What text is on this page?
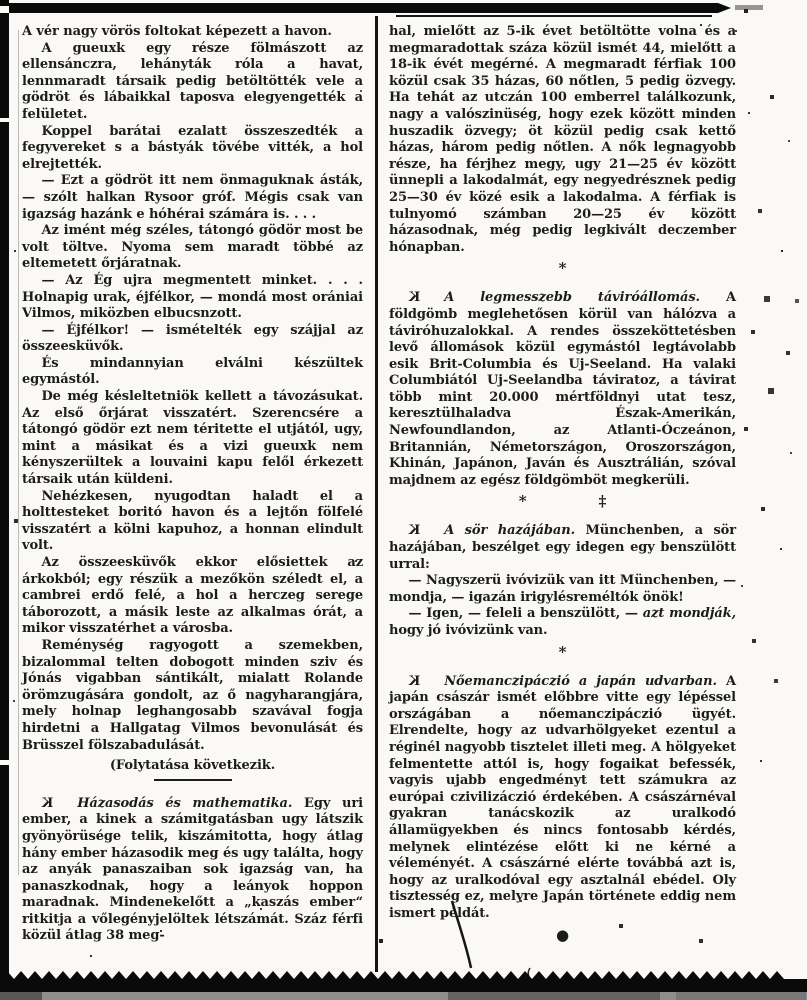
A vér nagy vörös foltokat képezett a havon.

A gueuxk egy része fölmászott az ellensánczra, lehányták róla a havat, lennmaradt társaik pedig betöltötték vele a gödröt és lábaikkal taposva elegyengették a felületet.

Koppel barátai ezalatt összeszedték a fegyvereket s a bástyák tövébe vitték, a hol elrejtették.

— Ezt a gödröt itt nem önmaguknak ásták, — szólt halkan Rysoor gróf. Mégis csak van igazság hazánk e hóhérai számára is. . . .

Az imént még széles, tátongó gödör most be volt töltve. Nyoma sem maradt többé az eltemetett őrjáratnak.

— Az Ég ujra megmentett minket. . . . Holnapig urak, éjfélkor, — mondá most orániai Vilmos, miközben elbucsnzott.

— Éjfélkor! — ismételték egy szájjal az összeesküvők.

És mindannyian elválni készültek egymástól.

De még késleltetniök kellett a távozásukat. Az első őrjárat visszatért. Szerencsére a tátongó gödör ezt nem téritette el utjától, ugy, mint a másikat és a vizi gueuxk nem kényszerültek a louvaini kapu felől érkezett társaik után küldeni.

Nehézkesen, nyugodtan haladt el a holttesteket boritó havon és a lejtőn fölfelé visszatért a kölni kapuhoz, a honnan elindult volt.

Az összeesküvők ekkor elősiettek az árkokból; egy részük a mezőkön széledt el, a cambrei erdő felé, a hol a herczeg serege táborozott, a másik leste az alkalmas órát, a mikor visszatérhet a városba.

Reménység ragyogott a szemekben, bizalommal telten dobogott minden sziv és Jónás vigabban sántikált, mialatt Rolande örömzugására gondolt, az ő nagyharangjára, mely holnap leghangosabb szavával fogja hirdetni a Hallgatag Vilmos bevonulását és Brüsszel fölszabadulását.

(Folytatása következik.

K Házasodás és mathematika. Egy uri ember, a kinek a számitgatásban ugy látszik gyönyörüsége telik, kiszámitotta, hogy átlag hány ember házasodik meg és ugy találta, hogy az anyák panaszaiban sok igazság van, ha panaszkodnak, hogy a leányok hoppon maradnak. Mindenekelőtt a „kaszás ember“ ritkitja a vőlegényjelöltek létszámát. Száz férfi közül átlag 38 meg-

hal, mielőtt az 5-ik évet betöltötte volna és a megmaradottak száza közül ismét 44, mielőtt a 18-ik évét megérné. A megmaradt férfiak 100 közül csak 35 házas, 60 nőtlen, 5 pedig özvegy. Ha tehát az utczán 100 emberrel találkozunk, nagy a valószinüség, hogy ezek között minden huszadik özvegy; öt közül pedig csak kettő házas, három pedig nőtlen. A nők legnagyobb része, ha férjhez megy, ugy 21—25 év között ünnepli a lakodalmát, egy negyedrésznek pedig 25—30 év közé esik a lakodalma. A férfiak is tulnyomó számban 20—25 év között házasodnak, még pedig legkivált deczember hónapban.

*

K A legmesszebb táviróállomás. A földgömb meglehetősen körül van hálózva a táviróhuzalokkal. A rendes összeköttetésben levő állomások közül egymástól legtávolabb esik Brit-Columbia és Uj-Seeland. Ha valaki Columbiától Uj-Seelandba táviratoz, a távirat több mint 20.000 mértföldnyi utat tesz, keresztülhaladva Észak-Amerikán, Newfoundlandon, az Atlanti-Óczeánon, Britannián, Németországon, Oroszországon, Khinán, Japánon, Javán és Ausztrálián, szóval majdnem az egész földgömböt megkerüli.

*	‡

K A sör hazájában. Münchenben, a sör hazájában, beszélget egy idegen egy benszülött urral:

— Nagyszerü ivóvizük van itt Münchenben, — mondja, — igazán irigylésreméltók önök!

— Igen, — feleli a benszülött, — azt mondják, hogy jó ivóvizünk van.

*

K Nőemanczipáczió a japán udvarban. A japán császár ismét előbbre vitte egy lépéssel országában a nőemanczipáczió ügyét. Elrendelte, hogy az udvarhölgyeket ezentul a réginél nagyobb tisztelet illeti meg. A hölgyeket felmentette attól is, hogy fogaikat befessék, vagyis ujabb engedményt tett számukra az európai czivilizáczió érdekében. A császárnéval gyakran tanácskozik az uralkodó államügyekben és nincs fontosabb kérdés, melynek elintézése előtt ki ne kérné a véleményét. A császárné elérte továbbá azt is, hogy az uralkodóval egy asztalnál ebédel. Oly tisztesség ez, melyre Japán története eddig nem ismert példát.

●
